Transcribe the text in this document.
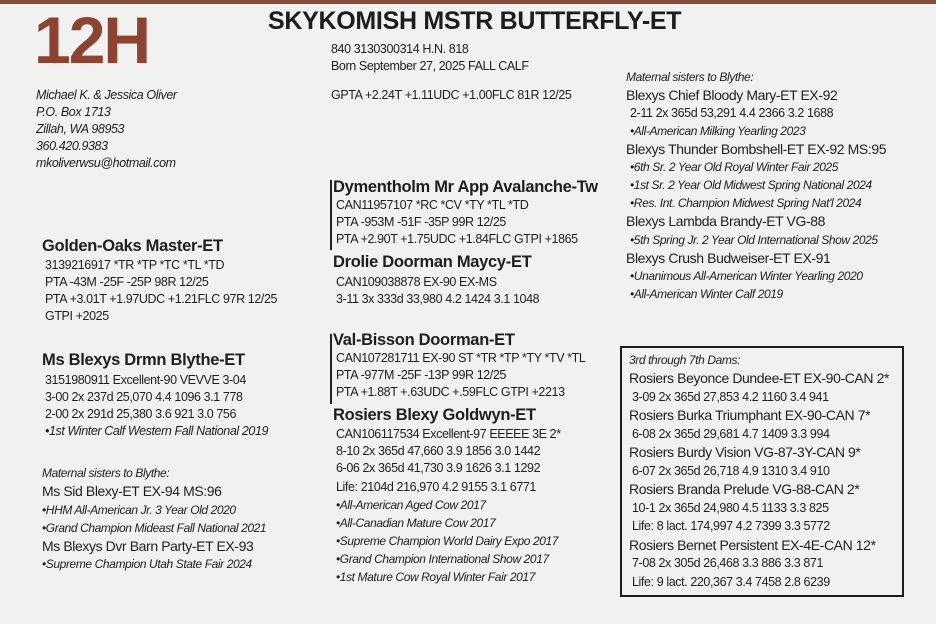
12H	SKYKOMISH MSTR BUTTERFLY-ET
840 3130300314 H.N. 818
Born September 27, 2025 FALL CALF
GPTA +2.24T +1.11UDC +1.00FLC 81R 12/25
Michael K. & Jessica Oliver
P.O. Box 1713
Zillah, WA 98953
360.420.9383
mkoliverwsu@hotmail.com
Golden-Oaks Master-ET
3139216917 *TR *TP *TC *TL *TD
PTA -43M -25F -25P 98R 12/25
PTA +3.01T +1.97UDC +1.21FLC 97R 12/25
GTPI +2025
Ms Blexys Drmn Blythe-ET
3151980911 Excellent-90 VEVVE 3-04
3-00 2x 237d 25,070 4.4 1096 3.1 778
2-00 2x 291d 25,380 3.6 921 3.0 756
•1st Winter Calf Western Fall National 2019
Maternal sisters to Blythe:
Ms Sid Blexy-ET EX-94 MS:96
•HHM All-American Jr. 3 Year Old 2020
•Grand Champion Mideast Fall National 2021
Ms Blexys Dvr Barn Party-ET EX-93
•Supreme Champion Utah State Fair 2024
Dymentholm Mr App Avalanche-Tw
CAN11957107 *RC *CV *TY *TL *TD
PTA -953M -51F -35P 99R 12/25
PTA +2.90T +1.75UDC +1.84FLC GTPI +1865
Drolie Doorman Maycy-ET
CAN109038878 EX-90 EX-MS
3-11 3x 333d 33,980 4.2 1424 3.1 1048
Val-Bisson Doorman-ET
CAN107281711 EX-90 ST *TR *TP *TY *TV *TL
PTA -977M -25F -13P 99R 12/25
PTA +1.88T +.63UDC +.59FLC GTPI +2213
Rosiers Blexy Goldwyn-ET
CAN106117534 Excellent-97 EEEEE 3E 2*
8-10 2x 365d 47,660 3.9 1856 3.0 1442
6-06 2x 365d 41,730 3.9 1626 3.1 1292
Life: 2104d 216,970 4.2 9155 3.1 6771
•All-American Aged Cow 2017
•All-Canadian Mature Cow 2017
•Supreme Champion World Dairy Expo 2017
•Grand Champion International Show 2017
•1st Mature Cow Royal Winter Fair 2017
Maternal sisters to Blythe:
Blexys Chief Bloody Mary-ET EX-92
2-11 2x 365d 53,291 4.4 2366 3.2 1688
•All-American Milking Yearling 2023
Blexys Thunder Bombshell-ET EX-92 MS:95
•6th Sr. 2 Year Old Royal Winter Fair 2025
•1st Sr. 2 Year Old Midwest Spring National 2024
•Res. Int. Champion Midwest Spring Nat'l 2024
Blexys Lambda Brandy-ET VG-88
•5th Spring Jr. 2 Year Old International Show 2025
Blexys Crush Budweiser-ET EX-91
•Unanimous All-American Winter Yearling 2020
•All-American Winter Calf 2019
3rd through 7th Dams:
Rosiers Beyonce Dundee-ET EX-90-CAN 2*
3-09 2x 365d 27,853 4.2 1160 3.4 941
Rosiers Burka Triumphant EX-90-CAN 7*
6-08 2x 365d 29,681 4.7 1409 3.3 994
Rosiers Burdy Vision VG-87-3Y-CAN 9*
6-07 2x 365d 26,718 4.9 1310 3.4 910
Rosiers Branda Prelude VG-88-CAN 2*
10-1 2x 365d 24,980 4.5 1133 3.3 825
Life: 8 lact. 174,997 4.2 7399 3.3 5772
Rosiers Bernet Persistent EX-4E-CAN 12*
7-08 2x 305d 26,468 3.3 886 3.3 871
Life: 9 lact. 220,367 3.4 7458 2.8 6239
